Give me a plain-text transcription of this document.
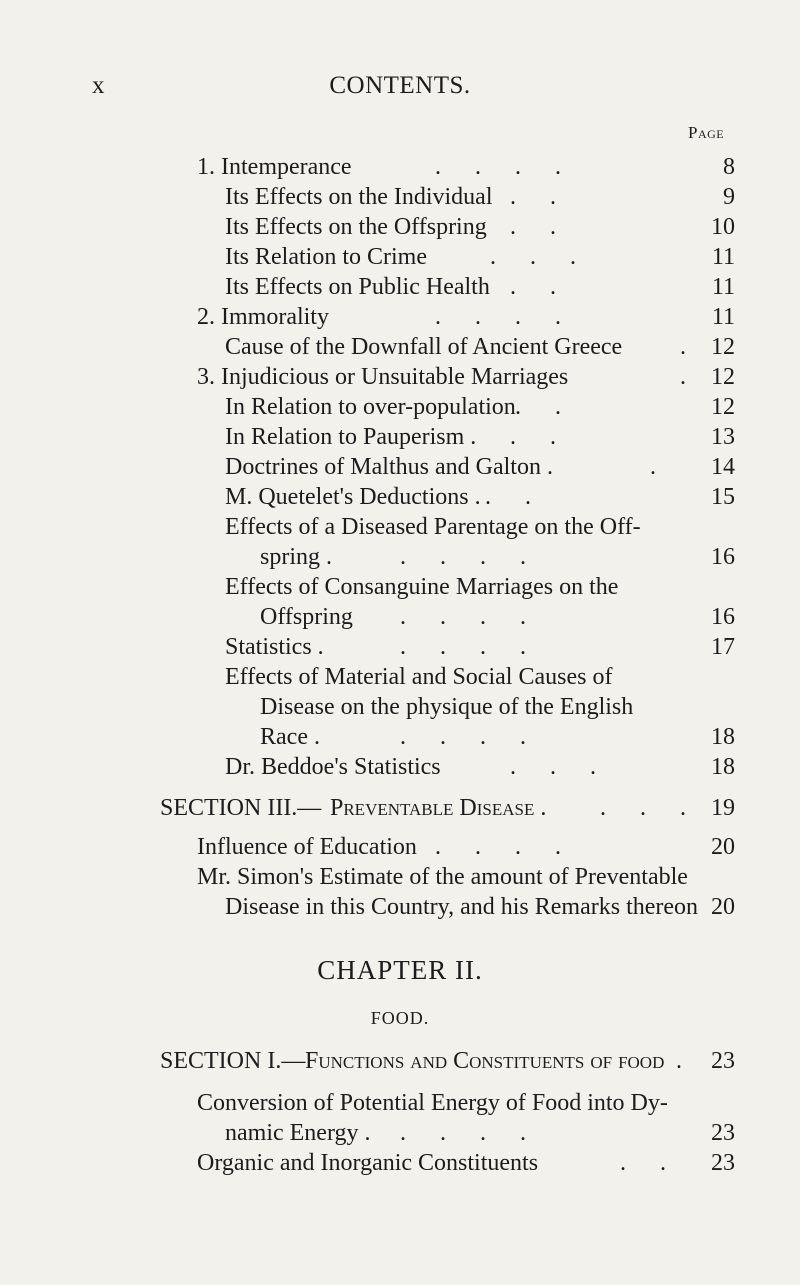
x	CONTENTS.
Page
1. Intemperance	. . . .	8
Its Effects on the Individual . .	9
Its Effects on the Offspring . .	10
Its Relation to Crime	. . .	11
Its Effects on Public Health . .	11
2. Immorality	. . . .	11
Cause of the Downfall of Ancient Greece .	12
3. Injudicious or Unsuitable Marriages	.	12
In Relation to over-population . .	12
In Relation to Pauperism . . .	13
Doctrines of Malthus and Galton .	.	14
M. Quetelet's Deductions . . .	15
Effects of a Diseased Parentage on the Off-
spring .	. . . .	16
Effects of Consanguine Marriages on the
Offspring . . . .	16
Statistics .	. . . .	17
Effects of Material and Social Causes of
Disease on the physique of the English
Race .	. . . .	18
Dr. Beddoe's Statistics	. . .	18
SECTION III.— Preventable Disease . . . .	19
Influence of Education . . . .	20
Mr. Simon's Estimate of the amount of Preventable
Disease in this Country, and his Remarks thereon 20
SECTION I.— Functions and Constituents of food .	23
Conversion of Potential Energy of Food into Dy-
namic Energy . . . . .	23
Organic and Inorganic Constituents	. .	23
CHAPTER II.
FOOD.
